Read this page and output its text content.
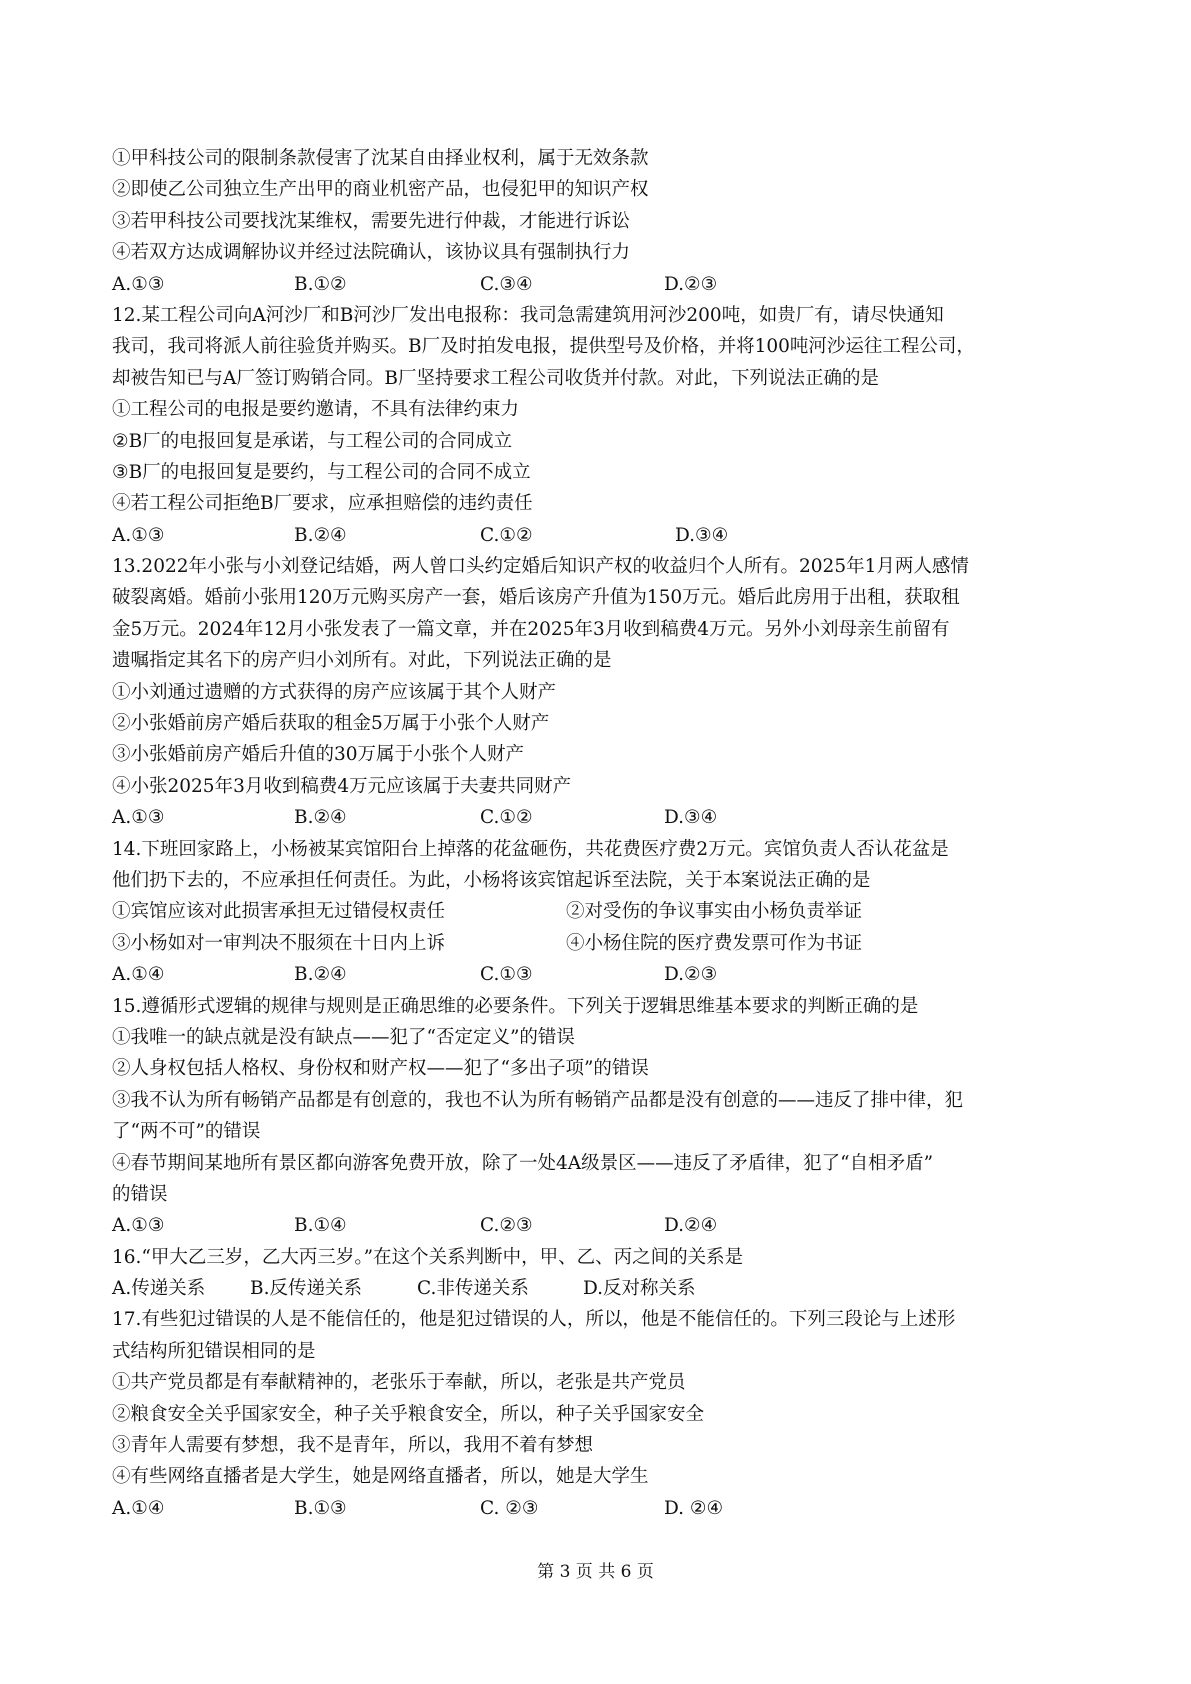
①甲科技公司的限制条款侵害了沈某自由择业权利，属于无效条款
②即使乙公司独立生产出甲的商业机密产品，也侵犯甲的知识产权
③若甲科技公司要找沈某维权，需要先进行仲裁，才能进行诉讼
④若双方达成调解协议并经过法院确认，该协议具有强制执行力
A.①③	B.①②	C.③④	D.②③
12.某工程公司向A河沙厂和B河沙厂发出电报称：我司急需建筑用河沙200吨，如贵厂有，请尽快通知
我司，我司将派人前往验货并购买。B厂及时拍发电报，提供型号及价格，并将100吨河沙运往工程公司，
却被告知已与A厂签订购销合同。B厂坚持要求工程公司收货并付款。对此，下列说法正确的是
①工程公司的电报是要约邀请，不具有法律约束力
②B厂的电报回复是承诺，与工程公司的合同成立
③B厂的电报回复是要约，与工程公司的合同不成立
④若工程公司拒绝B厂要求，应承担赔偿的违约责任
A.①③	B.②④	C.①②	D.③④
13.2022年小张与小刘登记结婚，两人曾口头约定婚后知识产权的收益归个人所有。2025年1月两人感情
破裂离婚。婚前小张用120万元购买房产一套，婚后该房产升值为150万元。婚后此房用于出租，获取租
金5万元。2024年12月小张发表了一篇文章，并在2025年3月收到稿费4万元。另外小刘母亲生前留有
遗嘱指定其名下的房产归小刘所有。对此，下列说法正确的是
①小刘通过遗赠的方式获得的房产应该属于其个人财产
②小张婚前房产婚后获取的租金5万属于小张个人财产
③小张婚前房产婚后升值的30万属于小张个人财产
④小张2025年3月收到稿费4万元应该属于夫妻共同财产
A.①③	B.②④	C.①②	D.③④
14.下班回家路上，小杨被某宾馆阳台上掉落的花盆砸伤，共花费医疗费2万元。宾馆负责人否认花盆是
他们扔下去的，不应承担任何责任。为此，小杨将该宾馆起诉至法院，关于本案说法正确的是
①宾馆应该对此损害承担无过错侵权责任	②对受伤的争议事实由小杨负责举证
③小杨如对一审判决不服须在十日内上诉	④小杨住院的医疗费发票可作为书证
A.①④	B.②④	C.①③	D.②③
15.遵循形式逻辑的规律与规则是正确思维的必要条件。下列关于逻辑思维基本要求的判断正确的是
①我唯一的缺点就是没有缺点——犯了“否定定义”的错误
②人身权包括人格权、身份权和财产权——犯了“多出子项”的错误
③我不认为所有畅销产品都是有创意的，我也不认为所有畅销产品都是没有创意的——违反了排中律，犯
了“两不可”的错误
④春节期间某地所有景区都向游客免费开放，除了一处4A级景区——违反了矛盾律，犯了“自相矛盾”
的错误
A.①③	B.①④	C.②③	D.②④
16.“甲大乙三岁，乙大丙三岁。”在这个关系判断中，甲、乙、丙之间的关系是
A.传递关系 B.反传递关系	C.非传递关系	D.反对称关系
17.有些犯过错误的人是不能信任的，他是犯过错误的人，所以，他是不能信任的。下列三段论与上述形
式结构所犯错误相同的是
①共产党员都是有奉献精神的，老张乐于奉献，所以，老张是共产党员
②粮食安全关乎国家安全，种子关乎粮食安全，所以，种子关乎国家安全
③青年人需要有梦想，我不是青年，所以，我用不着有梦想
④有些网络直播者是大学生，她是网络直播者，所以，她是大学生
A.①④	B.①③	C. ②③	D. ②④
第 3 页 共 6 页
